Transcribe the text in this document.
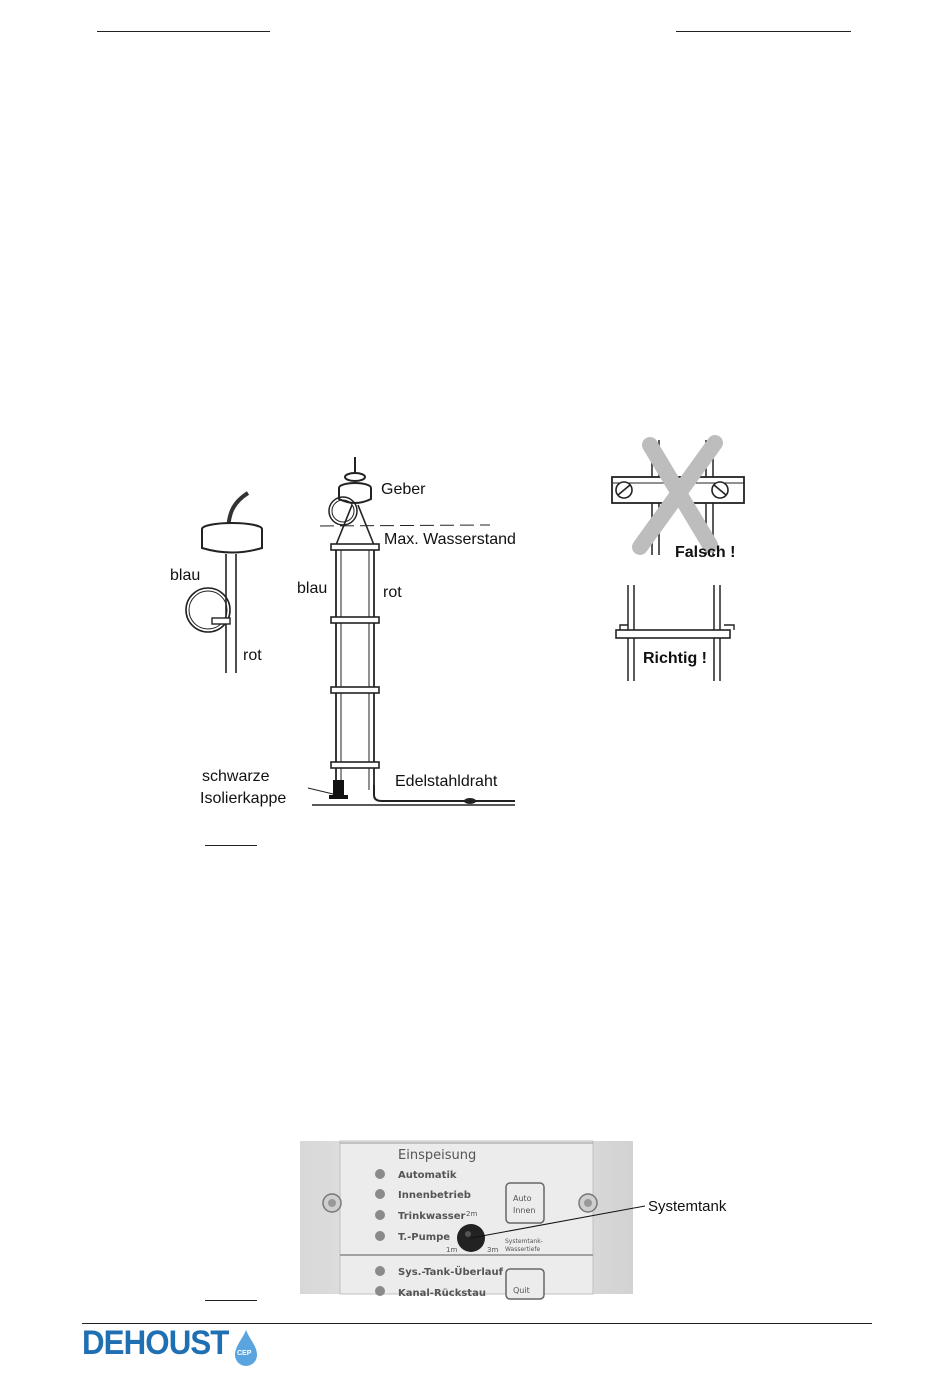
blau
rot
Geber
Max. Wasserstand
blau	rot
schwarze
Isolierkappe
Edelstahldraht
Falsch !
Richtig !
Einspeisung
Automatik
Innenbetrieb
Trinkwasser
T.-Pumpe
Sys.-Tank-Überlauf
Kanal-Rückstau
Auto
Innen
Quit
2m
1m	3m
Systemtank-
Wassertiefe
Systemtank
DEHOUST CEP
